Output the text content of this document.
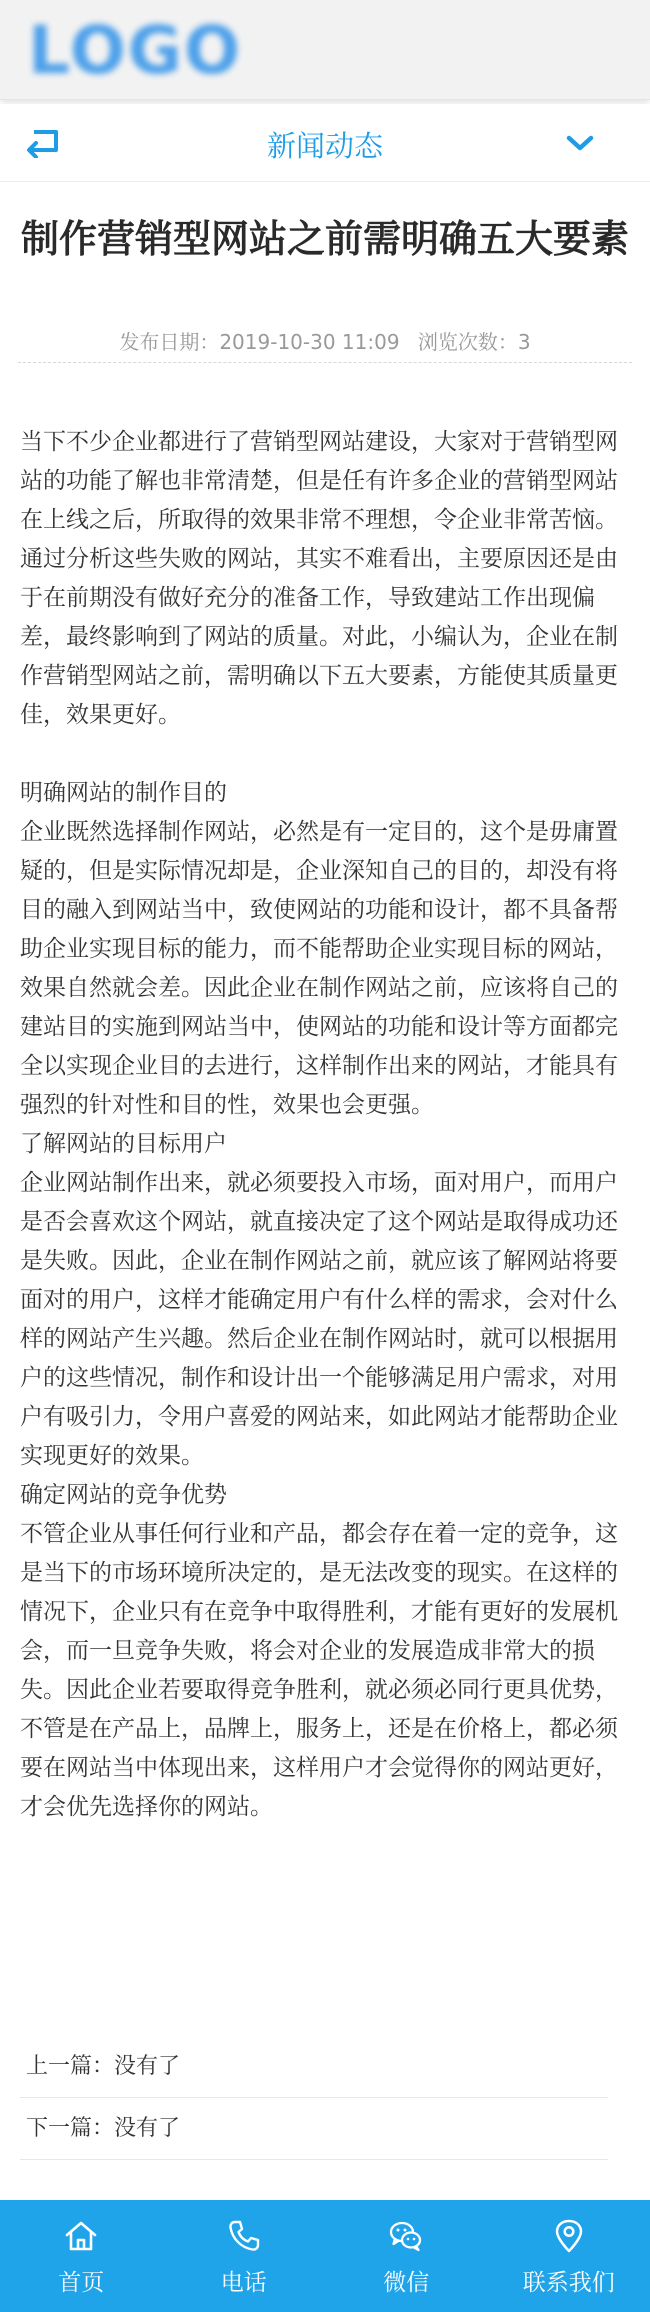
LOGO
新闻动态
制作营销型网站之前需明确五大要素
发布日期：2019-10-30 11:09 浏览次数：3

当下不少企业都进行了营销型网站建设，大家对于营销型网站的功能了解也非常清楚，但是任有许多企业的营销型网站在上线之后，所取得的效果非常不理想，令企业非常苦恼。通过分析这些失败的网站，其实不难看出，主要原因还是由于在前期没有做好充分的准备工作，导致建站工作出现偏差，最终影响到了网站的质量。对此，小编认为，企业在制作营销型网站之前，需明确以下五大要素，方能使其质量更佳，效果更好。

明确网站的制作目的

企业既然选择制作网站，必然是有一定目的，这个是毋庸置疑的，但是实际情况却是，企业深知自己的目的，却没有将目的融入到网站当中，致使网站的功能和设计，都不具备帮助企业实现目标的能力，而不能帮助企业实现目标的网站，效果自然就会差。因此企业在制作网站之前，应该将自己的建站目的实施到网站当中，使网站的功能和设计等方面都完全以实现企业目的去进行，这样制作出来的网站，才能具有强烈的针对性和目的性，效果也会更强。

了解网站的目标用户

企业网站制作出来，就必须要投入市场，面对用户，而用户是否会喜欢这个网站，就直接决定了这个网站是取得成功还是失败。因此，企业在制作网站之前，就应该了解网站将要面对的用户，这样才能确定用户有什么样的需求，会对什么样的网站产生兴趣。然后企业在制作网站时，就可以根据用户的这些情况，制作和设计出一个能够满足用户需求，对用户有吸引力，令用户喜爱的网站来，如此网站才能帮助企业实现更好的效果。

确定网站的竞争优势

不管企业从事任何行业和产品，都会存在着一定的竞争，这是当下的市场环境所决定的，是无法改变的现实。在这样的情况下，企业只有在竞争中取得胜利，才能有更好的发展机会，而一旦竞争失败，将会对企业的发展造成非常大的损失。因此企业若要取得竞争胜利，就必须必同行更具优势，不管是在产品上，品牌上，服务上，还是在价格上，都必须要在网站当中体现出来，这样用户才会觉得你的网站更好，才会优先选择你的网站。

上一篇：没有了
下一篇：没有了
首页	电话	微信	联系我们
